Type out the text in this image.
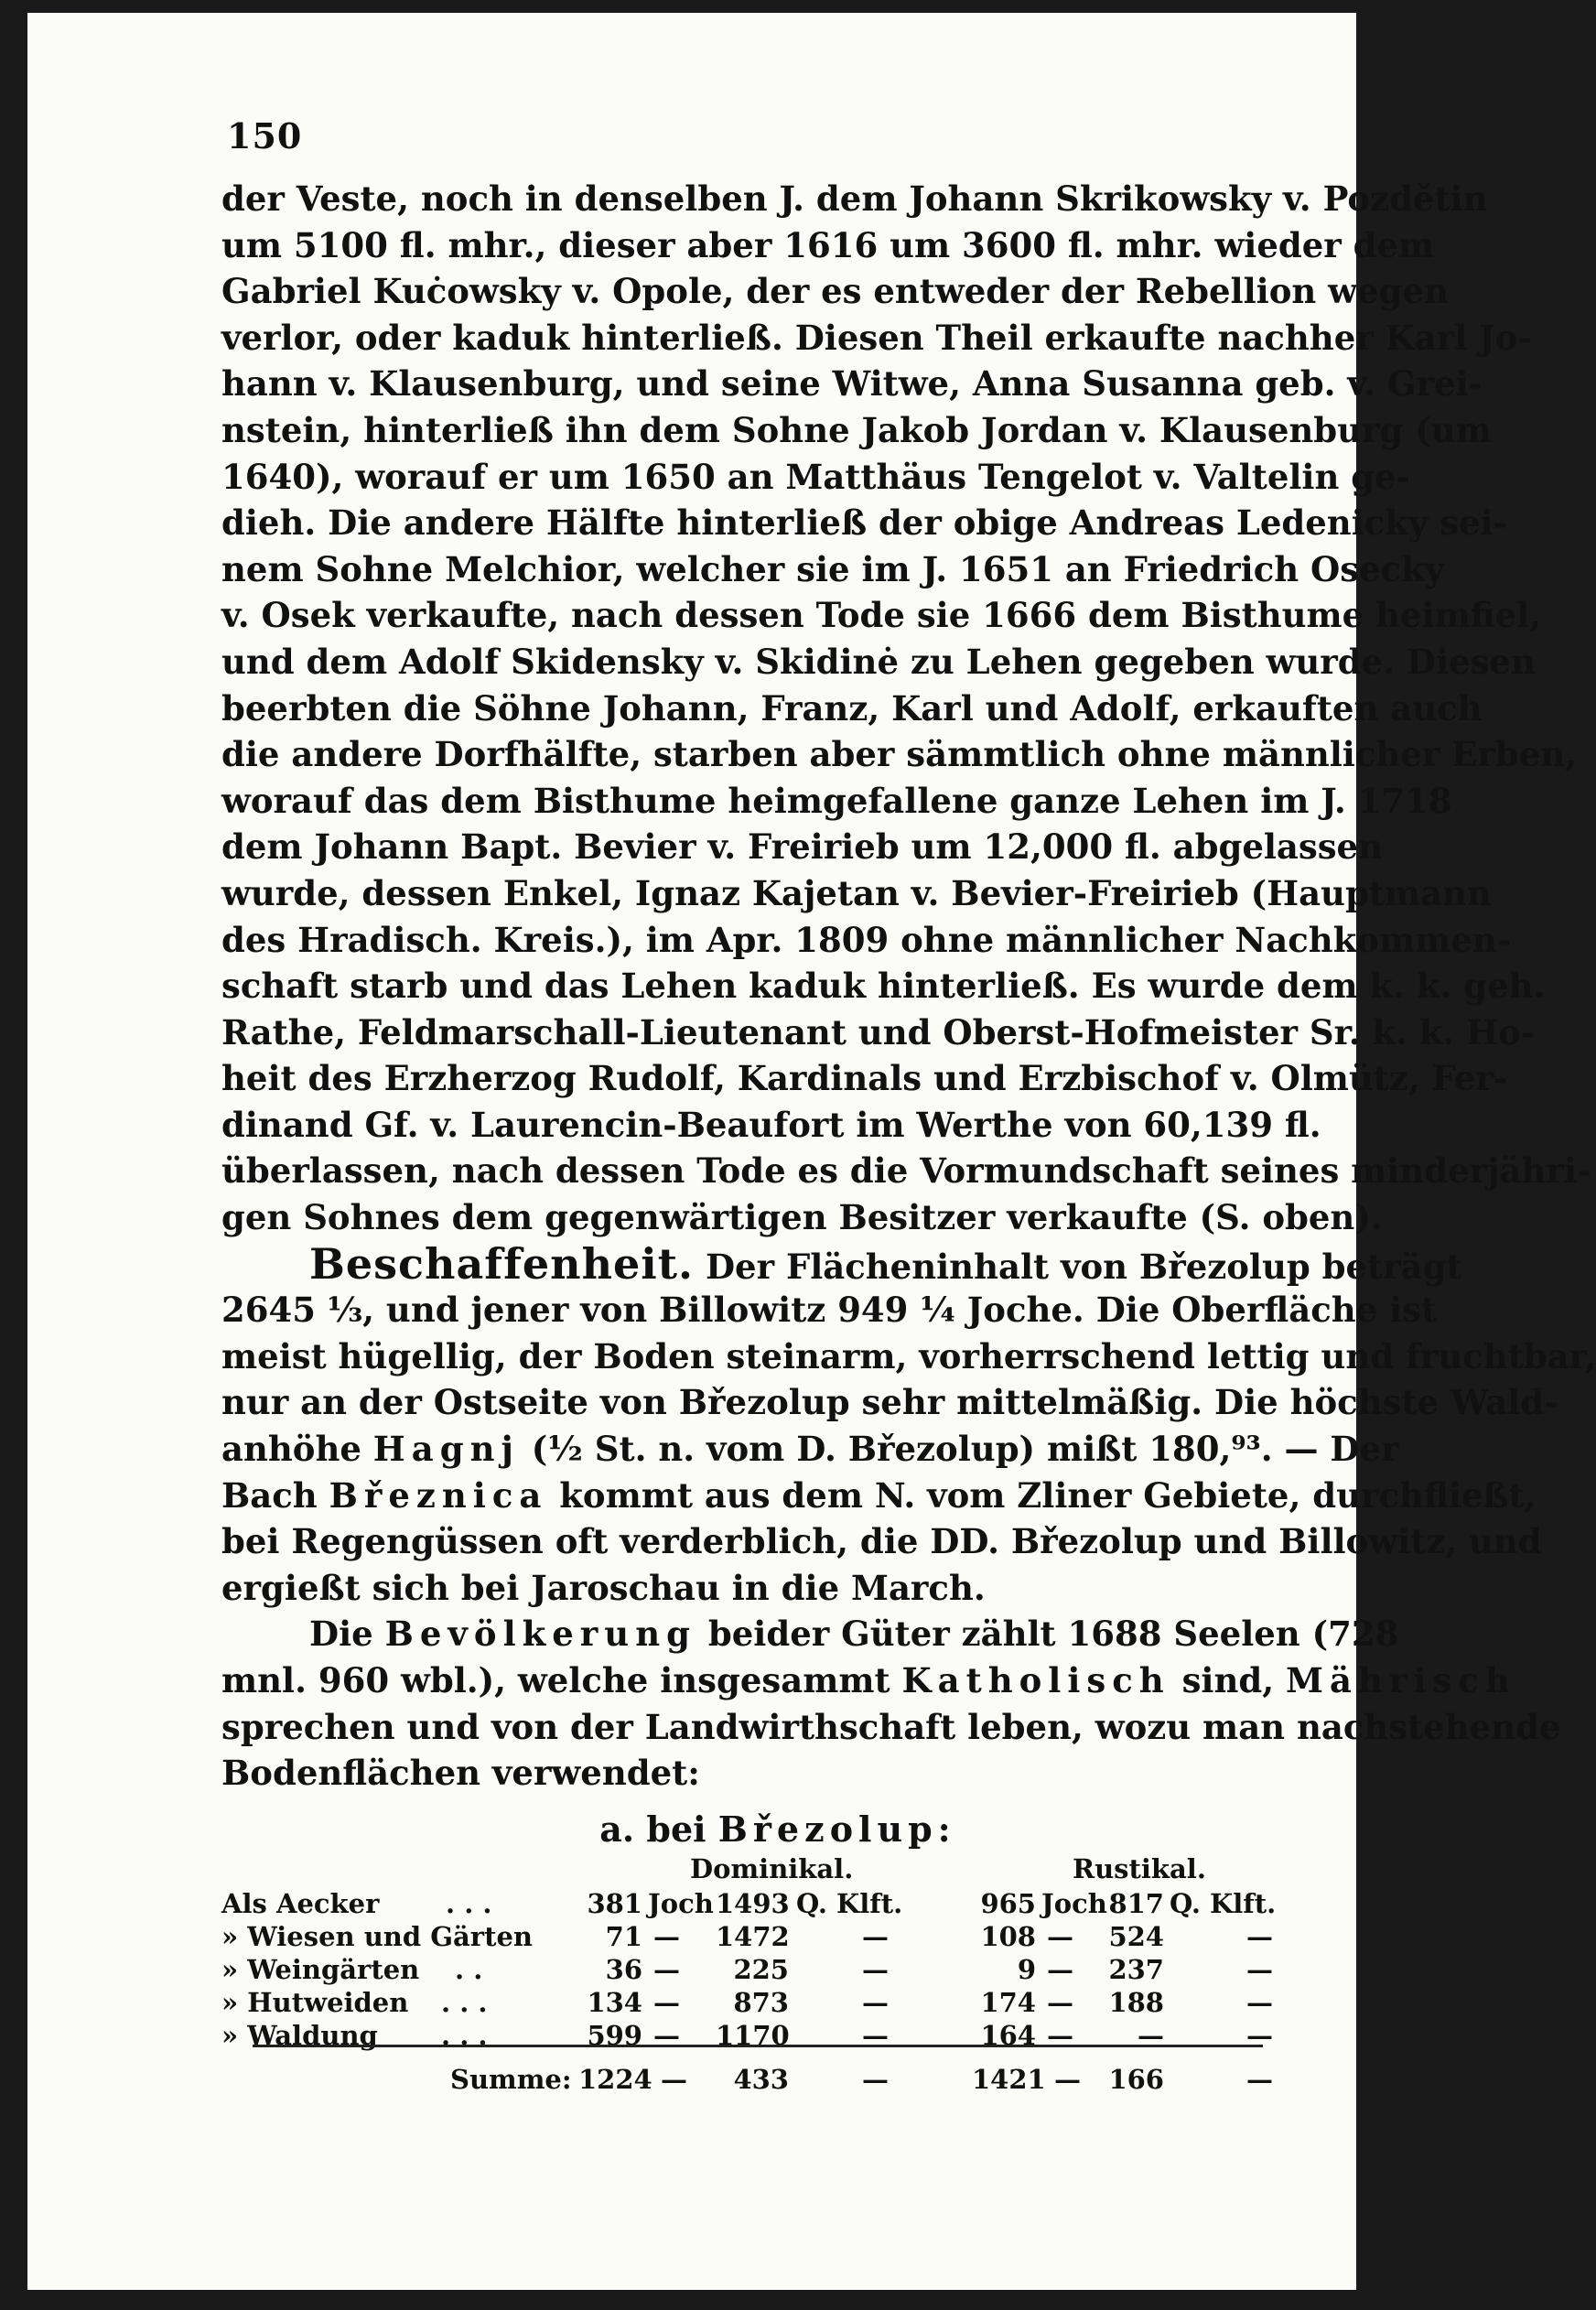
150
der Veste, noch in denselben J. dem Johann Skrikowsky v. Pozdětin
um 5100 fl. mhr., dieser aber 1616 um 3600 fl. mhr. wieder dem
Gabriel Kuċowsky v. Opole, der es entweder der Rebellion wegen
verlor, oder kaduk hinterließ. Diesen Theil erkaufte nachher Karl Jo-
hann v. Klausenburg, und seine Witwe, Anna Susanna geb. v. Grei-
nstein, hinterließ ihn dem Sohne Jakob Jordan v. Klausenburg (um
1640), worauf er um 1650 an Matthäus Tengelot v. Valtelin ge-
dieh. Die andere Hälfte hinterließ der obige Andreas Ledenicky sei-
nem Sohne Melchior, welcher sie im J. 1651 an Friedrich Osecky
v. Osek verkaufte, nach dessen Tode sie 1666 dem Bisthume heimfiel,
und dem Adolf Skidensky v. Skidinė zu Lehen gegeben wurde. Diesen
beerbten die Söhne Johann, Franz, Karl und Adolf, erkauften auch
die andere Dorfhälfte, starben aber sämmtlich ohne männlicher Erben,
worauf das dem Bisthume heimgefallene ganze Lehen im J. 1718
dem Johann Bapt. Bevier v. Freirieb um 12,000 fl. abgelassen
wurde, dessen Enkel, Ignaz Kajetan v. Bevier-Freirieb (Hauptmann
des Hradisch. Kreis.), im Apr. 1809 ohne männlicher Nachkommen-
schaft starb und das Lehen kaduk hinterließ. Es wurde dem k. k. geh.
Rathe, Feldmarschall-Lieutenant und Oberst-Hofmeister Sr. k. k. Ho-
heit des Erzherzog Rudolf, Kardinals und Erzbischof v. Olmütz, Fer-
dinand Gf. v. Laurencin-Beaufort im Werthe von 60,139 fl.
überlassen, nach dessen Tode es die Vormundschaft seines minderjähri-
gen Sohnes dem gegenwärtigen Besitzer verkaufte (S. oben).
Beschaffenheit. Der Flächeninhalt von Březolup beträgt
2645 ⅓, und jener von Billowitz 949 ¼ Joche. Die Oberfläche ist
meist hügellig, der Boden steinarm, vorherrschend lettig und fruchtbar,
nur an der Ostseite von Březolup sehr mittelmäßig. Die höchste Wald-
anhöhe Hagnj (½ St. n. vom D. Březolup) mißt 180,⁹³. — Der
Bach Březnica kommt aus dem N. vom Zliner Gebiete, durchfließt,
bei Regengüssen oft verderblich, die DD. Březolup und Billowitz, und
ergießt sich bei Jaroschau in die March.
Die Bevölkerung beider Güter zählt 1688 Seelen (728
mnl. 960 wbl.), welche insgesammt Katholisch sind, Mährisch
sprechen und von der Landwirthschaft leben, wozu man nachstehende
Bodenflächen verwendet:
a. bei Březolup:
Dominikal.	Rustikal.
Als Aecker	. . .	381 Joch 1493 Q. Klft.	965 Joch 817 Q. Klft.
» Wiesen und Gärten	71 — 1472	—	108 —	524	—
» Weingärten . .	36 —	225	—	9 —	237	—
» Hutweiden . . .	134 —	873	—	174 —	188	—
» Waldung . . .	599 — 1170	—	164 —	—	—
Summe: 1224 —	433	—	1421 —	166	—
